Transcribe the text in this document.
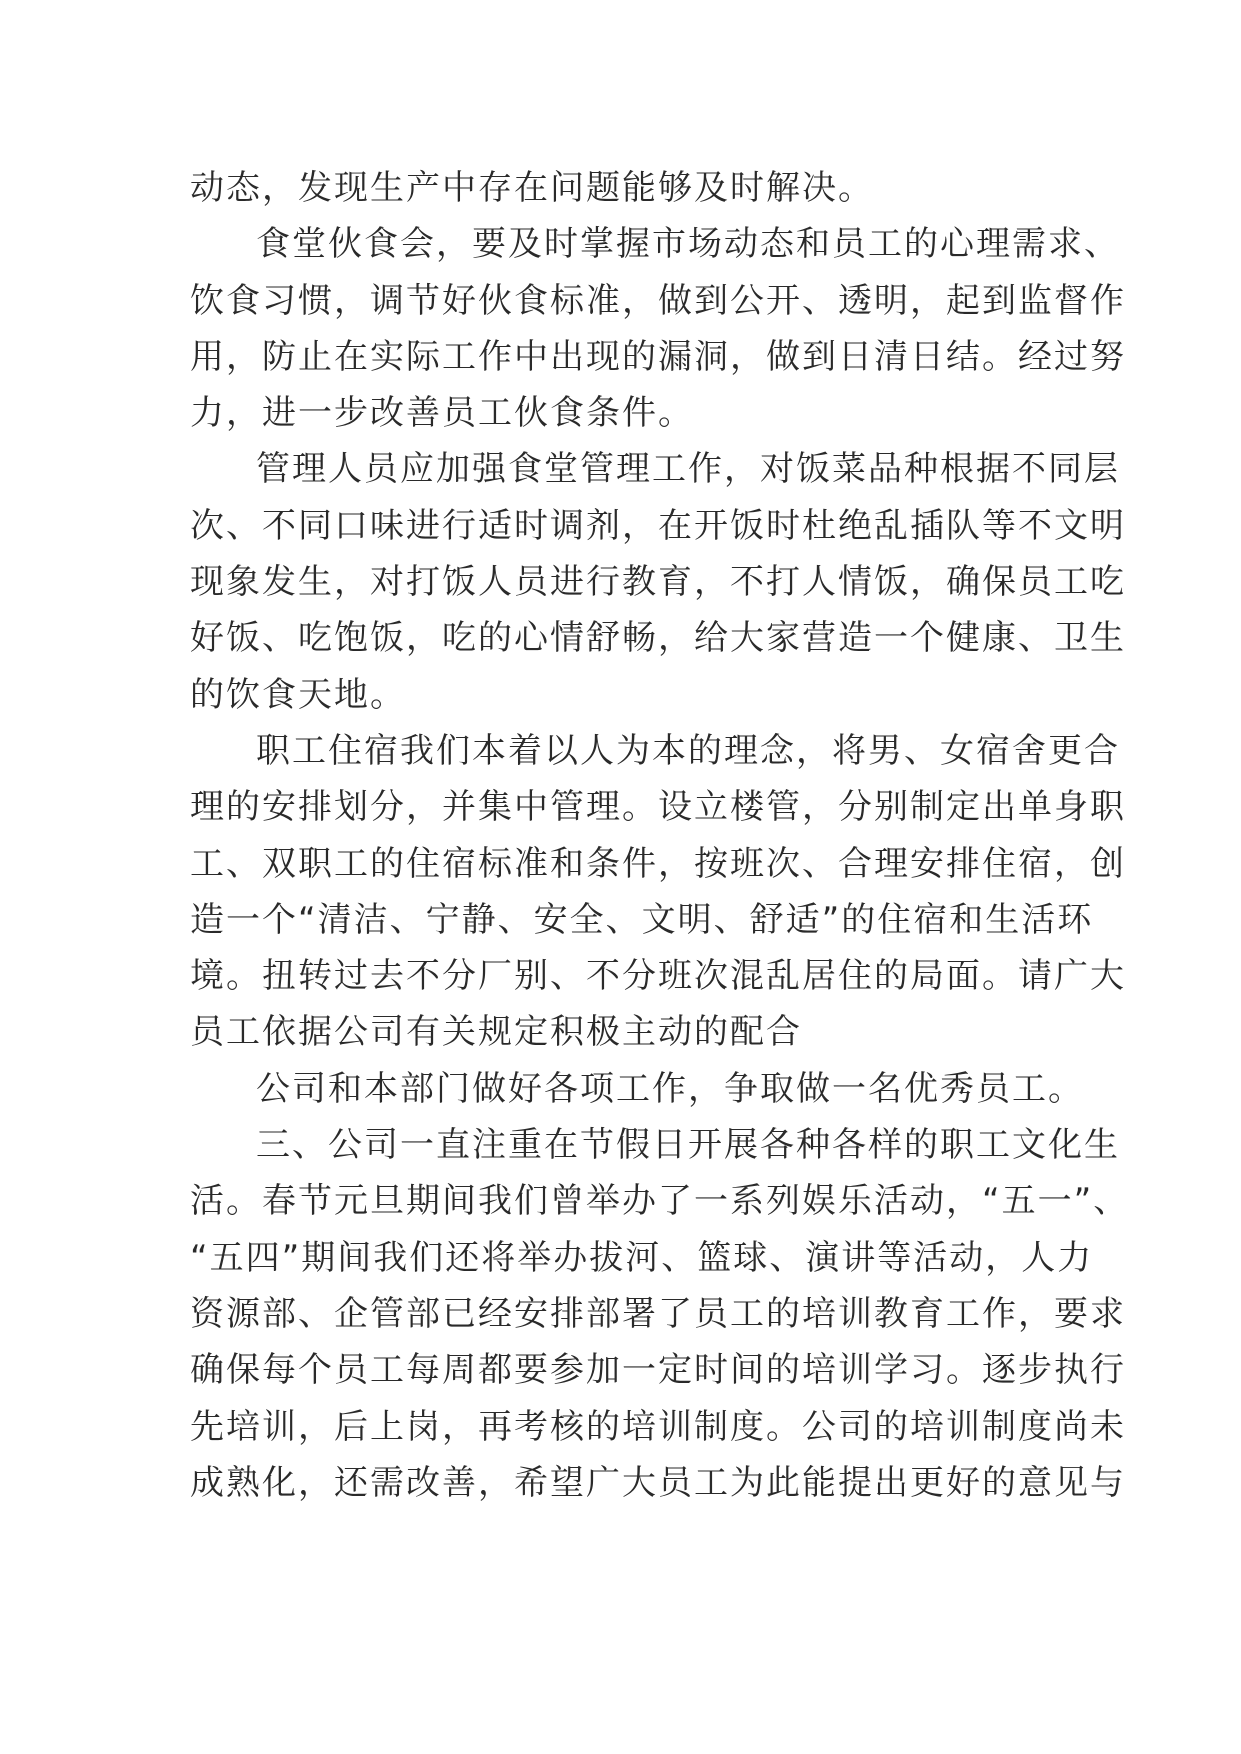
动态，发现生产中存在问题能够及时解决。
食堂伙食会，要及时掌握市场动态和员工的心理需求、
饮食习惯，调节好伙食标准，做到公开、透明，起到监督作
用，防止在实际工作中出现的漏洞，做到日清日结。经过努
力，进一步改善员工伙食条件。
管理人员应加强食堂管理工作，对饭菜品种根据不同层
次、不同口味进行适时调剂，在开饭时杜绝乱插队等不文明
现象发生，对打饭人员进行教育，不打人情饭，确保员工吃
好饭、吃饱饭，吃的心情舒畅，给大家营造一个健康、卫生
的饮食天地。
职工住宿我们本着以人为本的理念，将男、女宿舍更合
理的安排划分，并集中管理。设立楼管，分别制定出单身职
工、双职工的住宿标准和条件，按班次、合理安排住宿，创
造一个“清洁、宁静、安全、文明、舒适”的住宿和生活环
境。扭转过去不分厂别、不分班次混乱居住的局面。请广大
员工依据公司有关规定积极主动的配合
公司和本部门做好各项工作，争取做一名优秀员工。
三、公司一直注重在节假日开展各种各样的职工文化生
活。春节元旦期间我们曾举办了一系列娱乐活动，“五一”、
“五四”期间我们还将举办拔河、篮球、演讲等活动，人力
资源部、企管部已经安排部署了员工的培训教育工作，要求
确保每个员工每周都要参加一定时间的培训学习。逐步执行
先培训，后上岗，再考核的培训制度。公司的培训制度尚未
成熟化，还需改善，希望广大员工为此能提出更好的意见与
